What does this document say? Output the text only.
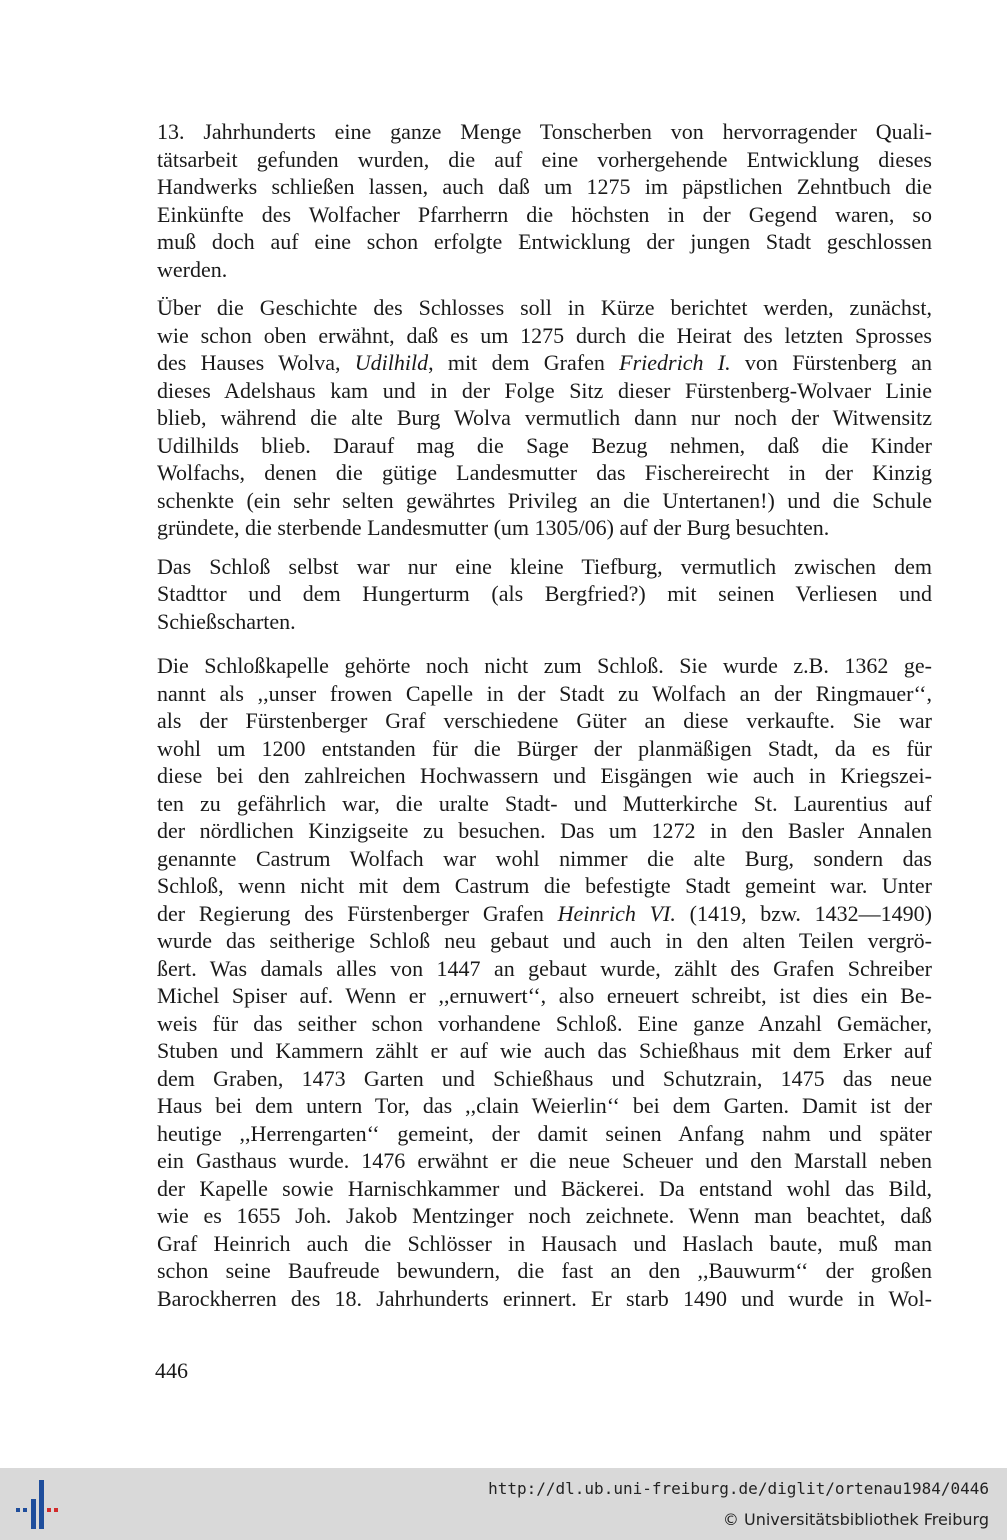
13. Jahrhunderts eine ganze Menge Tonscherben von hervorragender Quali-
tätsarbeit gefunden wurden, die auf eine vorhergehende Entwicklung dieses
Handwerks schließen lassen, auch daß um 1275 im päpstlichen Zehntbuch die
Einkünfte des Wolfacher Pfarrherrn die höchsten in der Gegend waren, so
muß doch auf eine schon erfolgte Entwicklung der jungen Stadt geschlossen
werden.
Über die Geschichte des Schlosses soll in Kürze berichtet werden, zunächst,
wie schon oben erwähnt, daß es um 1275 durch die Heirat des letzten Sprosses
des Hauses Wolva, Udilhild, mit dem Grafen Friedrich I. von Fürstenberg an
dieses Adelshaus kam und in der Folge Sitz dieser Fürstenberg-Wolvaer Linie
blieb, während die alte Burg Wolva vermutlich dann nur noch der Witwensitz
Udilhilds blieb. Darauf mag die Sage Bezug nehmen, daß die Kinder
Wolfachs, denen die gütige Landesmutter das Fischereirecht in der Kinzig
schenkte (ein sehr selten gewährtes Privileg an die Untertanen!) und die Schule
gründete, die sterbende Landesmutter (um 1305/06) auf der Burg besuchten.
Das Schloß selbst war nur eine kleine Tiefburg, vermutlich zwischen dem
Stadttor und dem Hungerturm (als Bergfried?) mit seinen Verliesen und
Schießscharten.
Die Schloßkapelle gehörte noch nicht zum Schloß. Sie wurde z.B. 1362 ge-
nannt als ,,unser frowen Capelle in der Stadt zu Wolfach an der Ringmauer‘‘,
als der Fürstenberger Graf verschiedene Güter an diese verkaufte. Sie war
wohl um 1200 entstanden für die Bürger der planmäßigen Stadt, da es für
diese bei den zahlreichen Hochwassern und Eisgängen wie auch in Kriegszei-
ten zu gefährlich war, die uralte Stadt- und Mutterkirche St. Laurentius auf
der nördlichen Kinzigseite zu besuchen. Das um 1272 in den Basler Annalen
genannte Castrum Wolfach war wohl nimmer die alte Burg, sondern das
Schloß, wenn nicht mit dem Castrum die befestigte Stadt gemeint war. Unter
der Regierung des Fürstenberger Grafen Heinrich VI. (1419, bzw. 1432—1490)
wurde das seitherige Schloß neu gebaut und auch in den alten Teilen vergrö-
ßert. Was damals alles von 1447 an gebaut wurde, zählt des Grafen Schreiber
Michel Spiser auf. Wenn er ,,ernuwert‘‘, also erneuert schreibt, ist dies ein Be-
weis für das seither schon vorhandene Schloß. Eine ganze Anzahl Gemächer,
Stuben und Kammern zählt er auf wie auch das Schießhaus mit dem Erker auf
dem Graben, 1473 Garten und Schießhaus und Schutzrain, 1475 das neue
Haus bei dem untern Tor, das ,,clain Weierlin‘‘ bei dem Garten. Damit ist der
heutige ,,Herrengarten‘‘ gemeint, der damit seinen Anfang nahm und später
ein Gasthaus wurde. 1476 erwähnt er die neue Scheuer und den Marstall neben
der Kapelle sowie Harnischkammer und Bäckerei. Da entstand wohl das Bild,
wie es 1655 Joh. Jakob Mentzinger noch zeichnete. Wenn man beachtet, daß
Graf Heinrich auch die Schlösser in Hausach und Haslach baute, muß man
schon seine Baufreude bewundern, die fast an den ,,Bauwurm‘‘ der großen
Barockherren des 18. Jahrhunderts erinnert. Er starb 1490 und wurde in Wol-
446
http://dl.ub.uni-freiburg.de/diglit/ortenau1984/0446
© Universitätsbibliothek Freiburg
